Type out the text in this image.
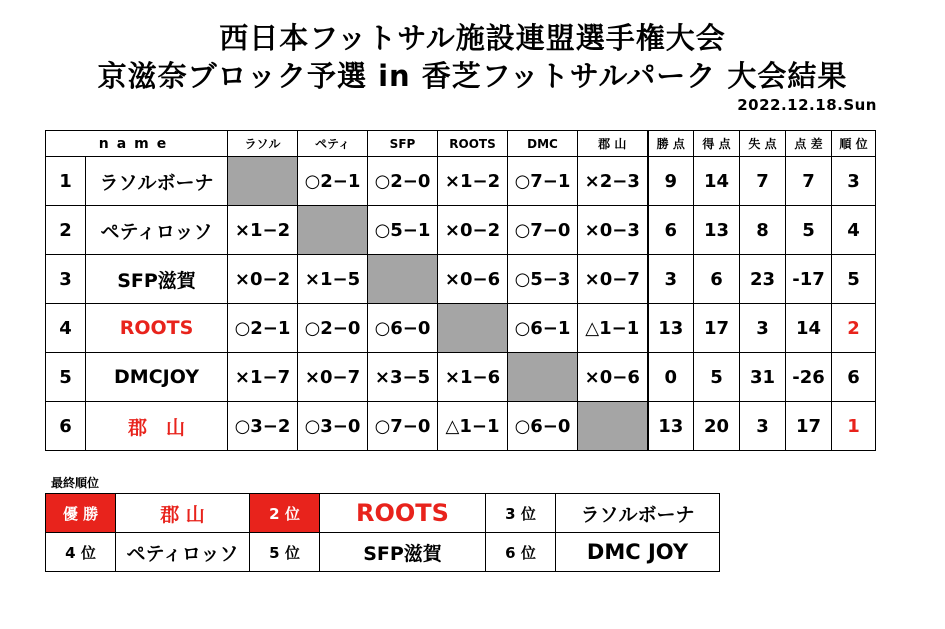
西日本フットサル施設連盟選手権大会
京滋奈ブロック予選 in 香芝フットサルパーク 大会結果
2022.12.18.Sun
name		ラソル	ペティ	SFP	ROOTS	DMC	郡 山	勝 点	得 点	失 点	点 差	順 位
1	ラソルボーナ		○2−1	○2−0	×1−2	○7−1	×2−3	9	14	7	7	3
2	ペティロッソ	×1−2		○5−1	×0−2	○7−0	×0−3	6	13	8	5	4
3	SFP滋賀	×0−2	×1−5		×0−6	○5−3	×0−7	3	6	23	-17	5
4	ROOTS	○2−1	○2−0	○6−0		○6−1	△1−1	13	17	3	14	2
5	DMCJOY	×1−7	×0−7	×3−5	×1−6		×0−6	0	5	31	-26	6
6	郡　山	○3−2	○3−0	○7−0	△1−1	○6−0		13	20	3	17	1
最終順位
優 勝	郡 山	2 位	ROOTS	3 位	ラソルボーナ
4 位	ペティロッソ	5 位	SFP滋賀	6 位	DMC JOY
